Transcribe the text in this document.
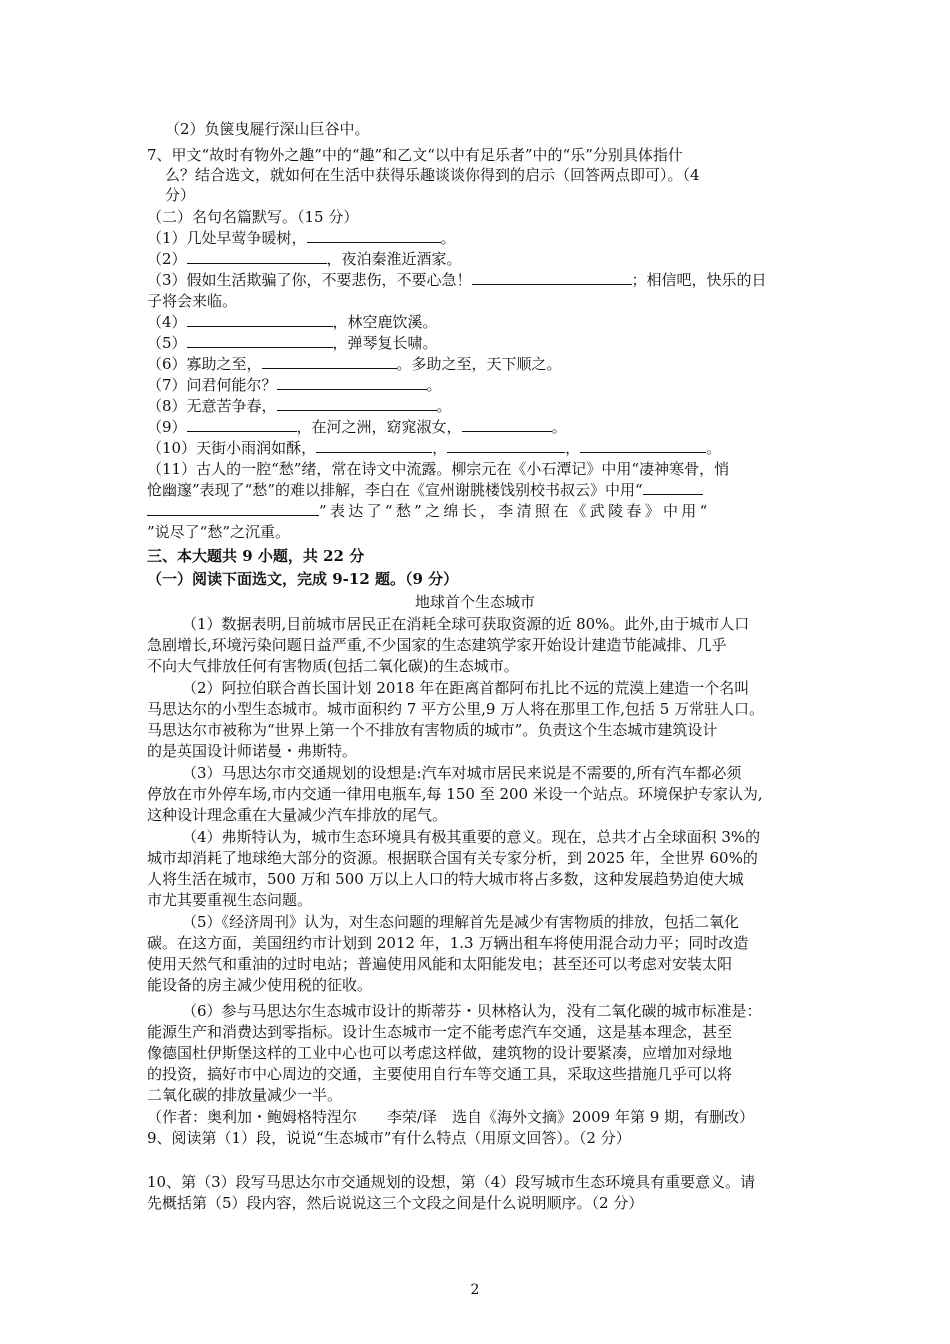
（2）负箧曳屣行深山巨谷中。
7、甲文“故时有物外之趣”中的“趣”和乙文“以中有足乐者”中的“乐”分别具体指什
么？结合选文，就如何在生活中获得乐趣谈谈你得到的启示（回答两点即可）。（4
分）
（二）名句名篇默写。（15 分）
（1）几处早莺争暖树，	。
（2）	，夜泊秦淮近酒家。
（3）假如生活欺骗了你，不要悲伤，不要心急！	；相信吧，快乐的日
子将会来临。
（4）	，林空鹿饮溪。
（5）	，弹琴复长啸。
（6）寡助之至，	。多助之至，天下顺之。
（7）问君何能尔？	。
（8）无意苦争春，	。
（9）	，在河之洲，窈窕淑女，	。
（10）天街小雨润如酥，	，	，	。
（11）古人的一腔“愁”绪，常在诗文中流露。柳宗元在《小石潭记》中用“凄神寒骨，悄
怆幽邃”表现了“愁”的难以排解，李白在《宣州谢朓楼饯别校书叔云》中用“
”表达了“愁”之绵长，李清照在《武陵春》中用“
”说尽了“愁”之沉重。
三、本大题共 9 小题，共 22 分
（一）阅读下面选文，完成 9-12 题。（9 分）
地球首个生态城市
（1）数据表明,目前城市居民正在消耗全球可获取资源的近 80%。此外,由于城市人口
急剧增长,环境污染问题日益严重,不少国家的生态建筑学家开始设计建造节能减排、几乎
不向大气排放任何有害物质(包括二氧化碳)的生态城市。
（2）阿拉伯联合酋长国计划 2018 年在距离首都阿布扎比不远的荒漠上建造一个名叫
马思达尔的小型生态城市。城市面积约 7 平方公里,9 万人将在那里工作,包括 5 万常驻人口。
马思达尔市被称为“世界上第一个不排放有害物质的城市”。负责这个生态城市建筑设计
的是英国设计师诺曼・弗斯特。
（3）马思达尔市交通规划的设想是:汽车对城市居民来说是不需要的,所有汽车都必须
停放在市外停车场,市内交通一律用电瓶车,每 150 至 200 米设一个站点。环境保护专家认为,
这种设计理念重在大量减少汽车排放的尾气。
（4）弗斯特认为，城市生态环境具有极其重要的意义。现在，总共才占全球面积 3%的
城市却消耗了地球绝大部分的资源。根据联合国有关专家分析，到 2025 年，全世界 60%的
人将生活在城市，500 万和 500 万以上人口的特大城市将占多数，这种发展趋势迫使大城
市尤其要重视生态问题。
（5）《经济周刊》认为，对生态问题的理解首先是减少有害物质的排放，包括二氧化
碳。在这方面，美国纽约市计划到 2012 年，1.3 万辆出租车将使用混合动力平；同时改造
使用天然气和重油的过时电站；普遍使用风能和太阳能发电；甚至还可以考虑对安装太阳
能设备的房主减少使用税的征收。
（6）参与马思达尔生态城市设计的斯蒂芬・贝林格认为，没有二氧化碳的城市标准是：
能源生产和消费达到零指标。设计生态城市一定不能考虑汽车交通，这是基本理念，甚至
像德国杜伊斯堡这样的工业中心也可以考虑这样做，建筑物的设计要紧凑，应增加对绿地
的投资，搞好市中心周边的交通，主要使用自行车等交通工具，采取这些措施几乎可以将
二氧化碳的排放量减少一半。
（作者：奥利加・鲍姆格特涅尔　　李荣/译　选自《海外文摘》2009 年第 9 期，有删改）
9、阅读第（1）段，说说“生态城市”有什么特点（用原文回答）。（2 分）
10、第（3）段写马思达尔市交通规划的设想，第（4）段写城市生态环境具有重要意义。请
先概括第（5）段内容，然后说说这三个文段之间是什么说明顺序。（2 分）
2
